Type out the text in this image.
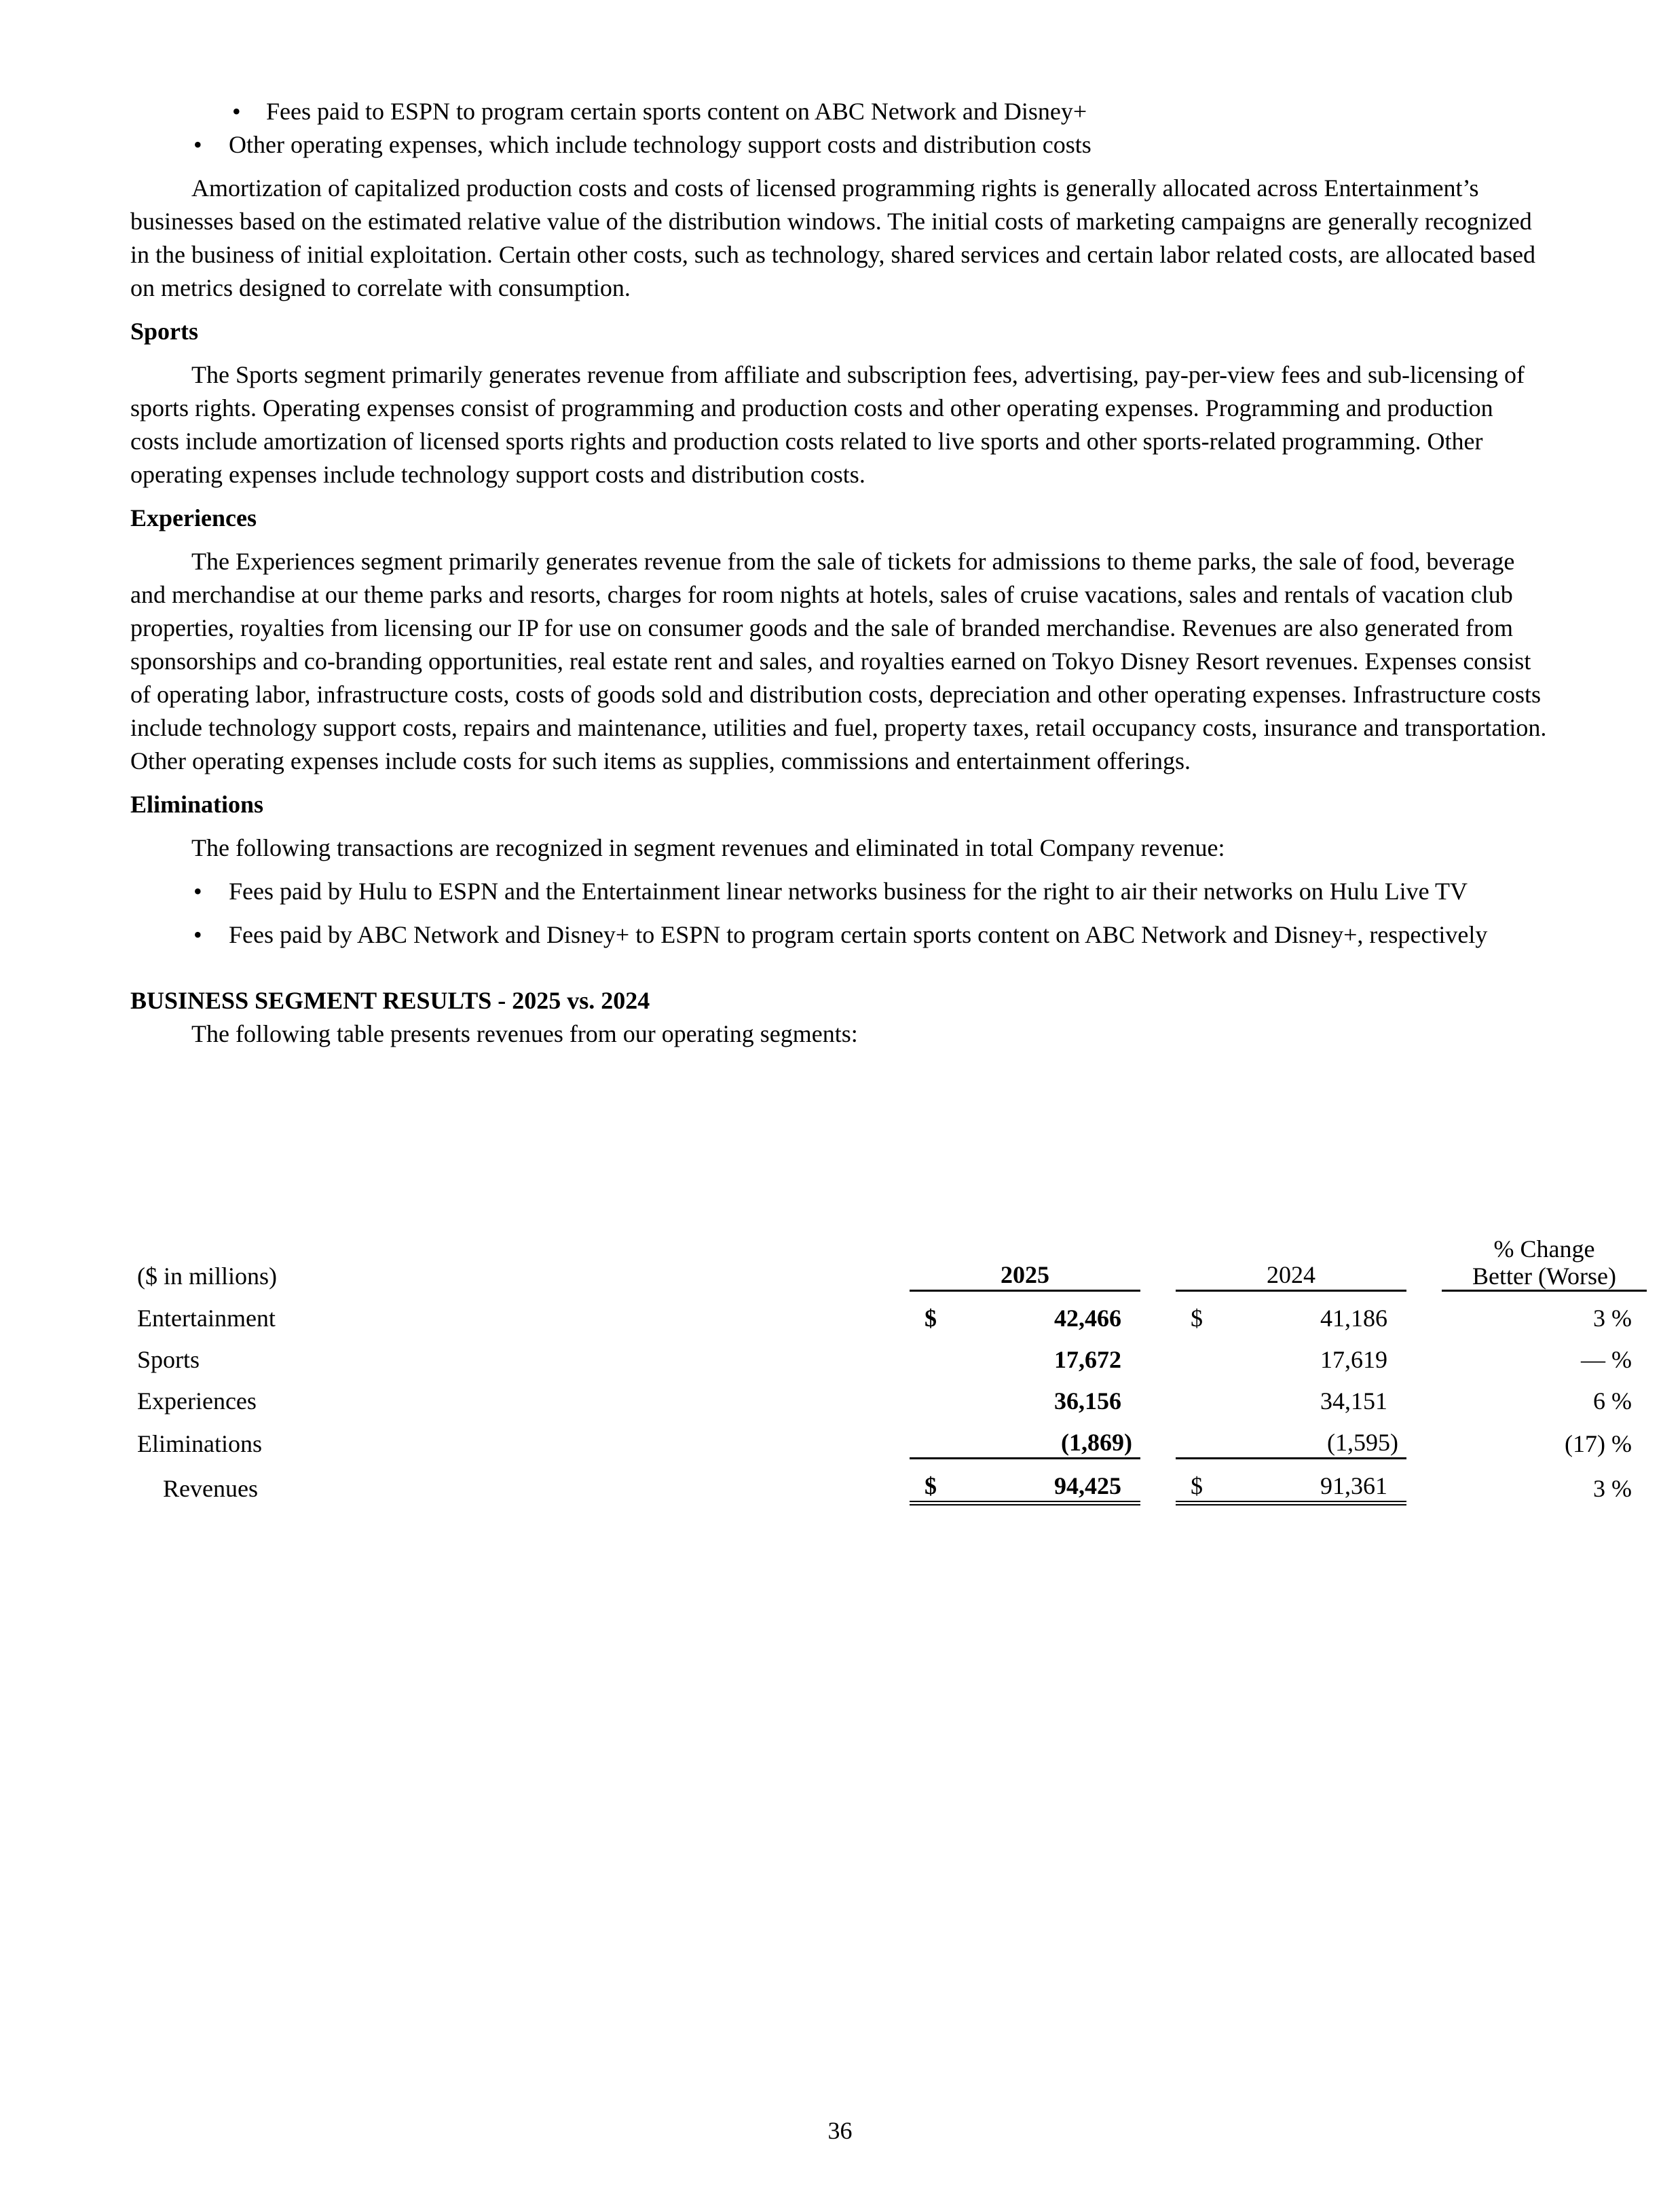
• Fees paid to ESPN to program certain sports content on ABC Network and Disney+

• Other operating expenses, which include technology support costs and distribution costs

Amortization of capitalized production costs and costs of licensed programming rights is generally allocated across Entertainment’s businesses based on the estimated relative value of the distribution windows. The initial costs of marketing campaigns are generally recognized in the business of initial exploitation. Certain other costs, such as technology, shared services and certain labor related costs, are allocated based on metrics designed to correlate with consumption.

Sports

The Sports segment primarily generates revenue from affiliate and subscription fees, advertising, pay-per-view fees and sub-licensing of sports rights. Operating expenses consist of programming and production costs and other operating expenses. Programming and production costs include amortization of licensed sports rights and production costs related to live sports and other sports-related programming. Other operating expenses include technology support costs and distribution costs.

Experiences

The Experiences segment primarily generates revenue from the sale of tickets for admissions to theme parks, the sale of food, beverage and merchandise at our theme parks and resorts, charges for room nights at hotels, sales of cruise vacations, sales and rentals of vacation club properties, royalties from licensing our IP for use on consumer goods and the sale of branded merchandise. Revenues are also generated from sponsorships and co-branding opportunities, real estate rent and sales, and royalties earned on Tokyo Disney Resort revenues. Expenses consist of operating labor, infrastructure costs, costs of goods sold and distribution costs, depreciation and other operating expenses. Infrastructure costs include technology support costs, repairs and maintenance, utilities and fuel, property taxes, retail occupancy costs, insurance and transportation. Other operating expenses include costs for such items as supplies, commissions and entertainment offerings.

Eliminations

The following transactions are recognized in segment revenues and eliminated in total Company revenue:

• Fees paid by Hulu to ESPN and the Entertainment linear networks business for the right to air their networks on Hulu Live TV

• Fees paid by ABC Network and Disney+ to ESPN to program certain sports content on ABC Network and Disney+, respectively

BUSINESS SEGMENT RESULTS - 2025 vs. 2024

The following table presents revenues from our operating segments:

($ in millions)	2025			2024			% Change
Better (Worse)
Entertainment	$	42,466		$	41,186		3 %
Sports		17,672			17,619		— %
Experiences		36,156			34,151		6 %
Eliminations		(1,869)			(1,595)		(17) %
Revenues	$	94,425		$	91,361		3 %
36
